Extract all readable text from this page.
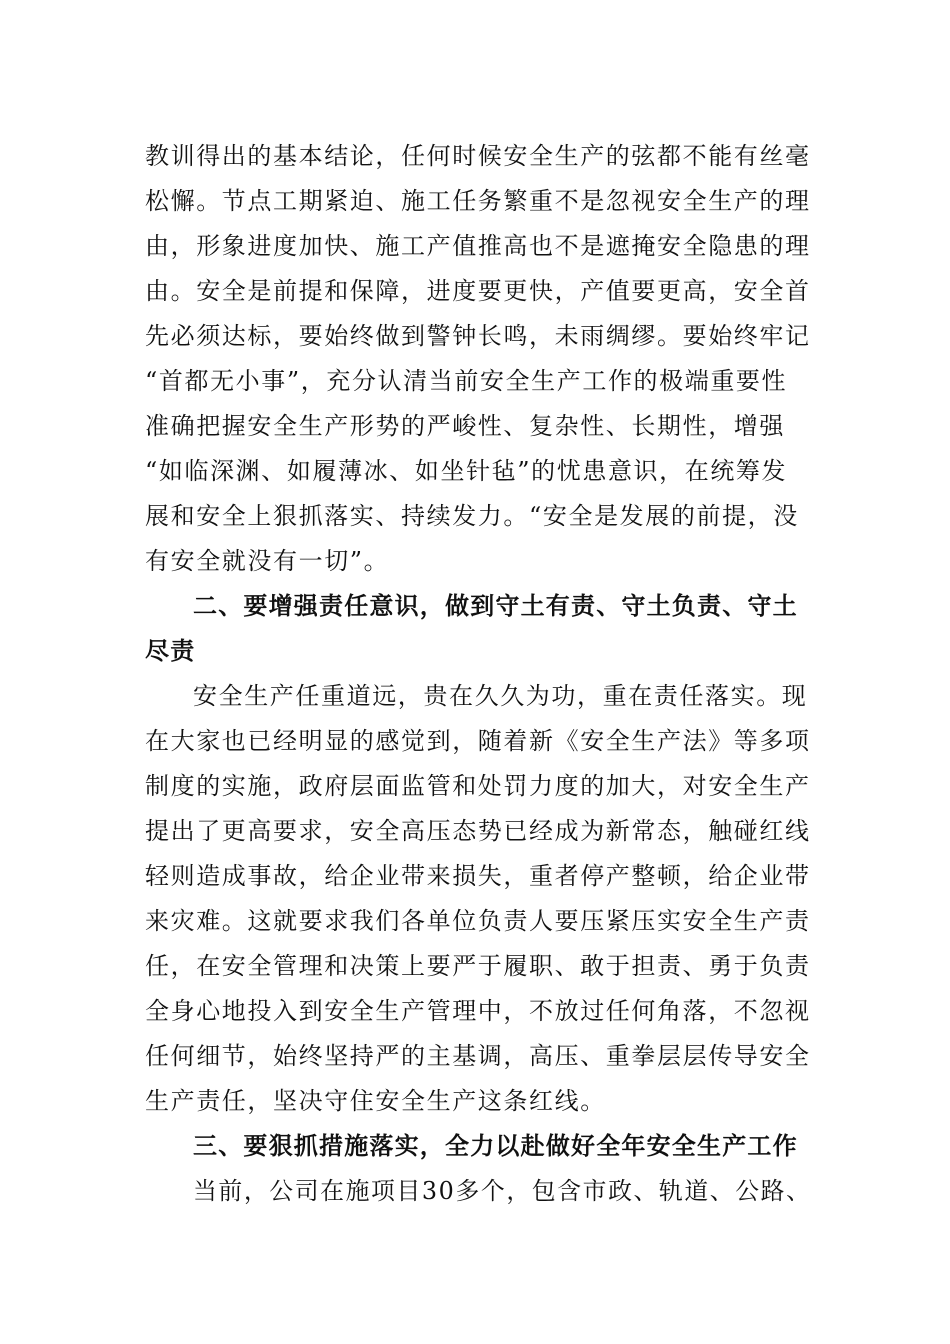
教训得出的基本结论，任何时候安全生产的弦都不能有丝毫
松懈。节点工期紧迫、施工任务繁重不是忽视安全生产的理
由，形象进度加快、施工产值推高也不是遮掩安全隐患的理
由。安全是前提和保障，进度要更快，产值要更高，安全首
先必须达标，要始终做到警钟长鸣，未雨绸缪。要始终牢记
“首都无小事”，充分认清当前安全生产工作的极端重要性
准确把握安全生产形势的严峻性、复杂性、长期性，增强
“如临深渊、如履薄冰、如坐针毡”的忧患意识，在统筹发
展和安全上狠抓落实、持续发力。“安全是发展的前提，没
有安全就没有一切”。
二、要增强责任意识，做到守土有责、守土负责、守土
尽责
安全生产任重道远，贵在久久为功，重在责任落实。现
在大家也已经明显的感觉到，随着新《安全生产法》等多项
制度的实施，政府层面监管和处罚力度的加大，对安全生产
提出了更高要求，安全高压态势已经成为新常态，触碰红线
轻则造成事故，给企业带来损失，重者停产整顿，给企业带
来灾难。这就要求我们各单位负责人要压紧压实安全生产责
任，在安全管理和决策上要严于履职、敢于担责、勇于负责
全身心地投入到安全生产管理中，不放过任何角落，不忽视
任何细节，始终坚持严的主基调，高压、重拳层层传导安全
生产责任，坚决守住安全生产这条红线。
三、要狠抓措施落实，全力以赴做好全年安全生产工作
当前，公司在施项目30多个，包含市政、轨道、公路、
